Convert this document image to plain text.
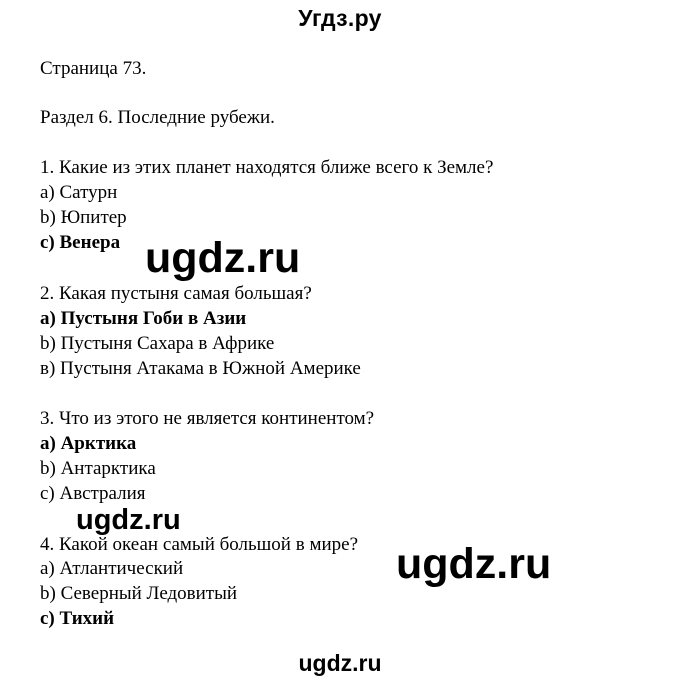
Угдз.ру
Страница 73.
Раздел 6. Последние рубежи.
1. Какие из этих планет находятся ближе всего к Земле?
a) Сатурн
b) Юпитер
c) Венера
2. Какая пустыня самая большая?
a) Пустыня Гоби в Азии
b) Пустыня Сахара в Африке
в) Пустыня Атакама в Южной Америке
3. Что из этого не является континентом?
a) Арктика
b) Антарктика
c) Австралия
4. Какой океан самый большой в мире?
a) Атлантический
b) Северный Ледовитый
c) Тихий
ugdz.ru
ugdz.ru
ugdz.ru
ugdz.ru
